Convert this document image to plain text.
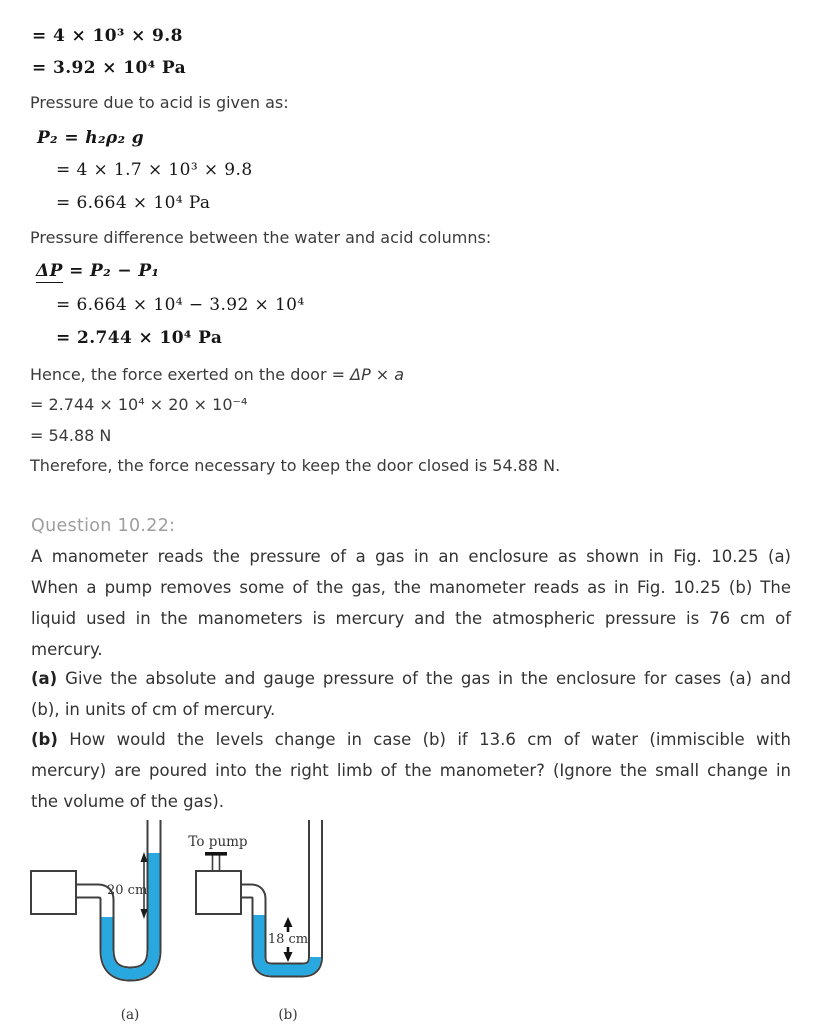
= 4 × 10³ × 9.8
= 3.92 × 10⁴ Pa
Pressure due to acid is given as:
P₂ = h₂ρ₂ g
= 4 × 1.7 × 10³ × 9.8
= 6.664 × 10⁴ Pa
Pressure difference between the water and acid columns:
ΔP = P₂ − P₁
= 6.664 × 10⁴ − 3.92 × 10⁴
= 2.744 × 10⁴ Pa
Hence, the force exerted on the door = ΔP × a
= 2.744 × 10⁴ × 20 × 10⁻⁴
= 54.88 N
Therefore, the force necessary to keep the door closed is 54.88 N.
Question 10.22:
A manometer reads the pressure of a gas in an enclosure as shown in Fig. 10.25 (a)
When a pump removes some of the gas, the manometer reads as in Fig. 10.25 (b) The
liquid used in the manometers is mercury and the atmospheric pressure is 76 cm of
mercury.
(a) Give the absolute and gauge pressure of the gas in the enclosure for cases (a) and
(b), in units of cm of mercury.
(b) How would the levels change in case (b) if 13.6 cm of water (immiscible with
mercury) are poured into the right limb of the manometer? (Ignore the small change in
the volume of the gas).
20 cm
(a)
To pump
18 cm
(b)
